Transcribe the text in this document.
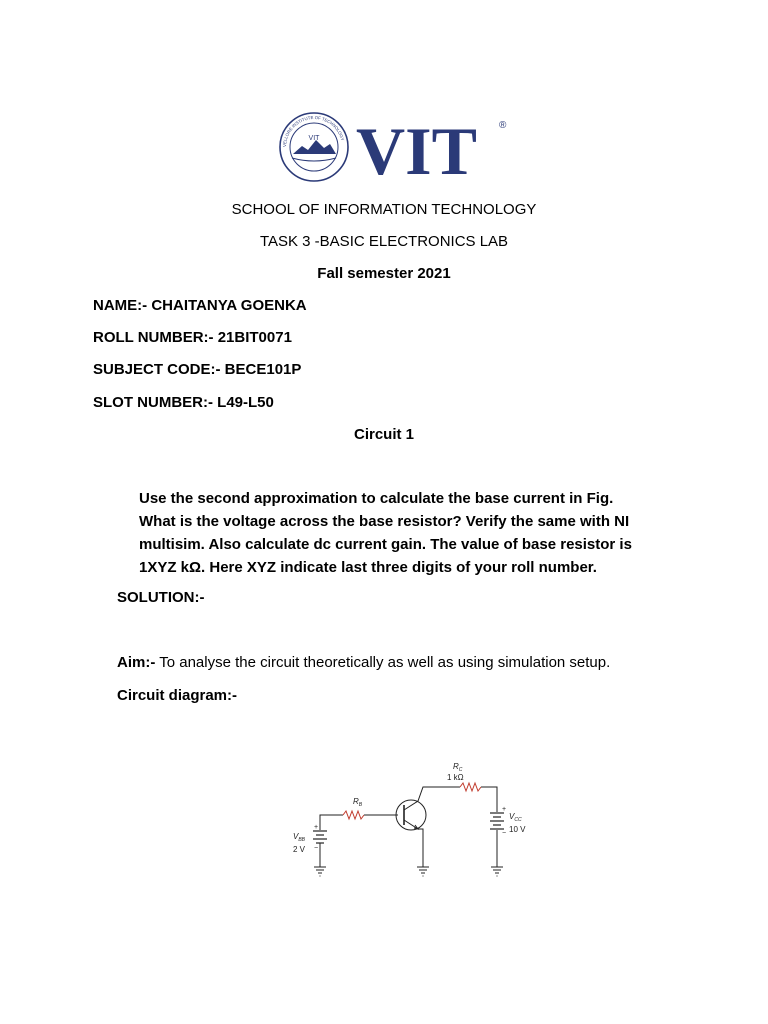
VIT
VELLORE INSTITUTE OF TECHNOLOGY VIT ®
SCHOOL OF INFORMATION TECHNOLOGY
TASK 3 -BASIC ELECTRONICS LAB
Fall semester 2021
NAME:- CHAITANYA GOENKA
ROLL NUMBER:- 21BIT0071
SUBJECT CODE:- BECE101P
SLOT NUMBER:- L49-L50
Circuit 1

Use the second approximation to calculate the base current in Fig.

What is the voltage across the base resistor? Verify the same with NI

multisim. Also calculate dc current gain. The value of base resistor is

1XYZ kΩ. Here XYZ indicate last three digits of your roll number.

SOLUTION:-
Aim:- To analyse the circuit theoretically as well as using simulation setup.
Circuit diagram:-
$R_B$
$R_C$
1 kΩ
$V_{BB}$
2 V
+
−
$V_{CC}$
10 V
+
−
